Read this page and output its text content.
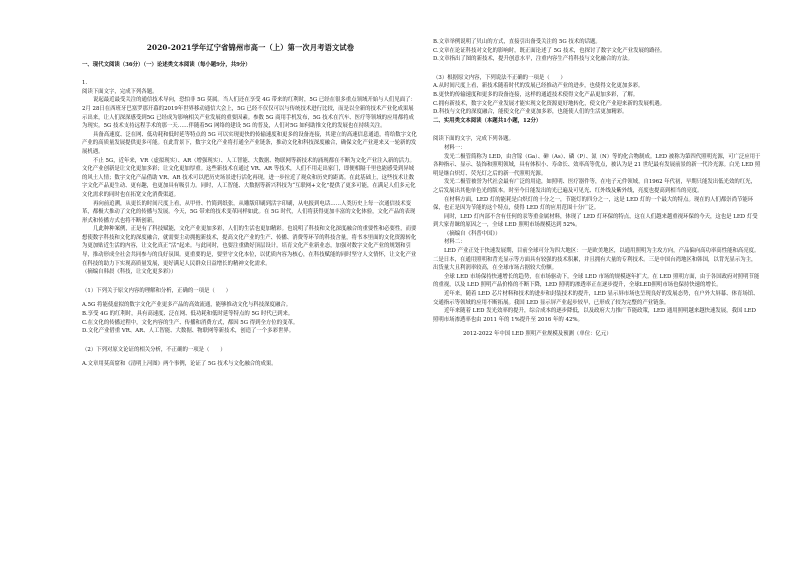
2020-2021学年辽宁省锦州市高一（上）第一次月考语文试卷

一、现代文阅读（36分）（一）论述类文本阅读（每小题9分，共9分）

1.

阅读下面文字，完成下列各题。

说起最近最受关注的通信技术导向，恐怕非 5G 莫属。当人们还在享受 4G 带来的红利时，5G 已经在很多重点领域开始与人们见面了：2月 28日在西班牙巴塞罗那开幕的2019年世界移动通信大会上，5G 已经不仅仅可以与传统技术进行比较，而是以全新的技术产业化成果展示出来，让人们深深感受到5G 已经成为影响相关产业发展的重要因素。参数 5G 商用手机发布，5G 技术在汽车、医疗等领域的应用都将成为现实。5G 技术支持远程手术的那一天……伴随着5G 网络的建设 5G 的普及，人们对5G 如何助推文化的发展也在持续关注。

具备高速度、泛在网、低功耗和低时延等特点的 5G 可以实现更快的传输速度和更多的设备连接，其建立的高速信息通道，将给数字文化产业的高质量发展提供更多可能。在此背景下，数字文化产业将打通全产业链条，推动文化和科技深度融合，确保文化产业迎来又一轮新的发展机遇。

不止 5G，近年来，VR（虚拟现实）、AR（增强现实）、人工智能、大数据、物联网等新技术的涌现都在不断为文化产业注入新的活力。文化产业创新是让文化更加多彩；让文化更加厚重。这些新技术在通过 VR、AR 等技术，人们不用走出家门，即便相隔千里也能感受到异域的风土人情；数字文化产品借助 VR、AR 技术可以把历史场景进行活化再现，进一步拉近了观众和历史的距离。在此基础上，这些技术让数字文化产品更生动、更有趣，也更加具有吸引力。同时，人工智能、大数据等新兴科技为“互联网+文化”提供了更多可能，在满足人们多元化文化需求的同时也在拓宽文化消费渠道。

再向前追溯，从更长的时间尺度上看，从甲骨、竹简到纸张，从雕版印刷到活字印刷，从电报到电话……人类历史上每一次通信技术变革，都极大推动了文化的传播与发展。今天，5G 带来的技术变革同样如此。在 5G 时代，人们将获得更加丰富的文化体验，文化产品的表现形式和传播方式也将不断创新。

几此种种案例，正是有了科技赋能，文化产业更加多彩，人们的生活也更加精彩。也说明了科技和文化深度融合的重要性和必要性，而要想使数字科技和文化的深度融合，就需要主动拥抱新技术，提高文化产业的生产、传播、消费等环节的科技含量，将书本里面的文化资源转化为更加贴近生活的内容，让文化真正“活”起来。与此同时，也要注重做好顶层设计，培育文化产业新业态，加强对数字文化产业的规划和引导，推动形成全社会共同参与的良好氛围。更重要的是，要坚守文化本位，以优质内容为核心，在科技赋能的同时坚守人文情怀，让文化产业在科技的助力下实现高质量发展，更好满足人民群众日益增长的精神文化需求。

（摘编自韩晨《科技，让文化更多彩》）

（1）下列关于原文内容的理解和分析，正确的一项是（　　）

A.5G 将能使虚拟的数字文化产业更多产品的高效流通，能够推动文化与科技深度融合。

B.享受 4G 的红利时，具有高速度、泛在网、低功耗和低时延等特点的 5G 时代已到来。

C.在文化的传播过程中，文化内容的生产、传播和消费方式，都因 5G 得到全方位的变革。

D.文化产业借重 VR、AR、人工智能、大数据、物联网等新技术，创造了一个多彩世界。

（2）下列对原文论证的相关分析，不正确的一项是（　　）

A.文章用莫高窟和《清明上河图》两个事例，论证了 5G 技术与文化融合的成果。

B.文章举例说明了贝山的方式，直接引出备受关注的 5G 技术的话题。

C.文章在论证科技对文化的影响时，既正面论述了 5G 技术，也探讨了数字文化产业发展的路径。

D.文章指出了图的新技术，提升创意水平，注重内容生产将科技与文化融合的方法。

（3）根据原文内容，下列说法不正确的一项是（　　）

A.从时间尺度上看，新技术随着时代的发展已经推动产业的进步，也使得文化更加多彩。

B.更快的传输速度和更多的设备连接，这样的通道技术使得文化产品更加多彩，了解。

C.拥有新技术，数字文化产业发展才能实现文化资源更好地转化，使文化产业迎来新的发展机遇。

D.科技与文化的深度融合，能使文化产业更加多彩，也能使人们的生活更加精彩。

二、实用类文本阅读（本题共1小题，12分）

阅读下面的文字，完成下列各题。

材料一：

发光二极管简称为 LED，由含镓（Ga）、砷（As）、磷（P）、氮（N）等的化合物制成。LED 被称为第四代照明光源，可广泛应用于各种指示、显示、装饰和照明领域，具有体积小、寿命长、效率高等优点，被认为是 21 世纪最有发展前景的新一代冷光源。白光 LED 照明是继白炽灯、荧光灯之后的新一代照明光源。

发光二极管被誉为代社会最有广泛的用途，如照明、医疗器件等，在电子元件领域，自1962 年代初，早期只能发出低光效的红光，之后发展出其他单色光的版本。时至今日能发出的光已遍及可见光、红外线及紫外线，亮度也提高到相当的亮度。

在材料方面，LED 灯的能耗是白炽灯的十分之一，节能灯的四分之一，这是 LED 灯的一个最大的特点。现在的人们都崇尚节能环保，也正是因为节能的这个特点，使得 LED 灯的应用范围十分广泛。

同时，LED 灯内部不含有任何的汞等重金属材料，体现了 LED 灯环保的特点，这在人们越来越重视环保的今天，这也是 LED 灯受到大家青睐的原因之一，全球 LED 照明市场规模达到 52%。

（摘编自《科普中国》）

材料二：

LED 产业正处于快速发展期，目前全球可分为四大地区：一是欧美地区，以通用照明为主攻方向，产品偏向高功率高性能和高亮度。二是日本，在通用照明和背光显示等方面具有较强的技术积累，并且拥有大量的专利技术。三是中国台湾地区和韩国，以背光显示为主，出货量大且利润率较高，在全球市场占据较大份额。

全球 LED 市场保持快速增长的趋势，在市场驱动下，全球 LED 市场的规模逐年扩大。在 LED 照明方面，由于各国政府对照明节能的重视，以及 LED 照明产品价格的不断下降，LED 照明的渗透率正在逐步提升，全球LED照明市场也保持快速的增长。

近年来，随着 LED 芯片材料和技术的进步和封装技术的提升，LED 显示屏市场也呈现良好的发展态势，在户外大屏幕、体育场馆、交通指示等领域的应用不断拓展。我国 LED 显示屏产业起步较早，已形成了较为完整的产业链条。

近年来随着 LED 发光效率的提升，综合成本的逐步降低，以及政府大力推广节能政策，LED 通用照明越来越快速发展，我国 LED 照明市场渗透率也由 2011 年的 1%提升至 2016 年的 42%。

2012-2022 年中国 LED 照明产业规模及预测（单位：亿元）
